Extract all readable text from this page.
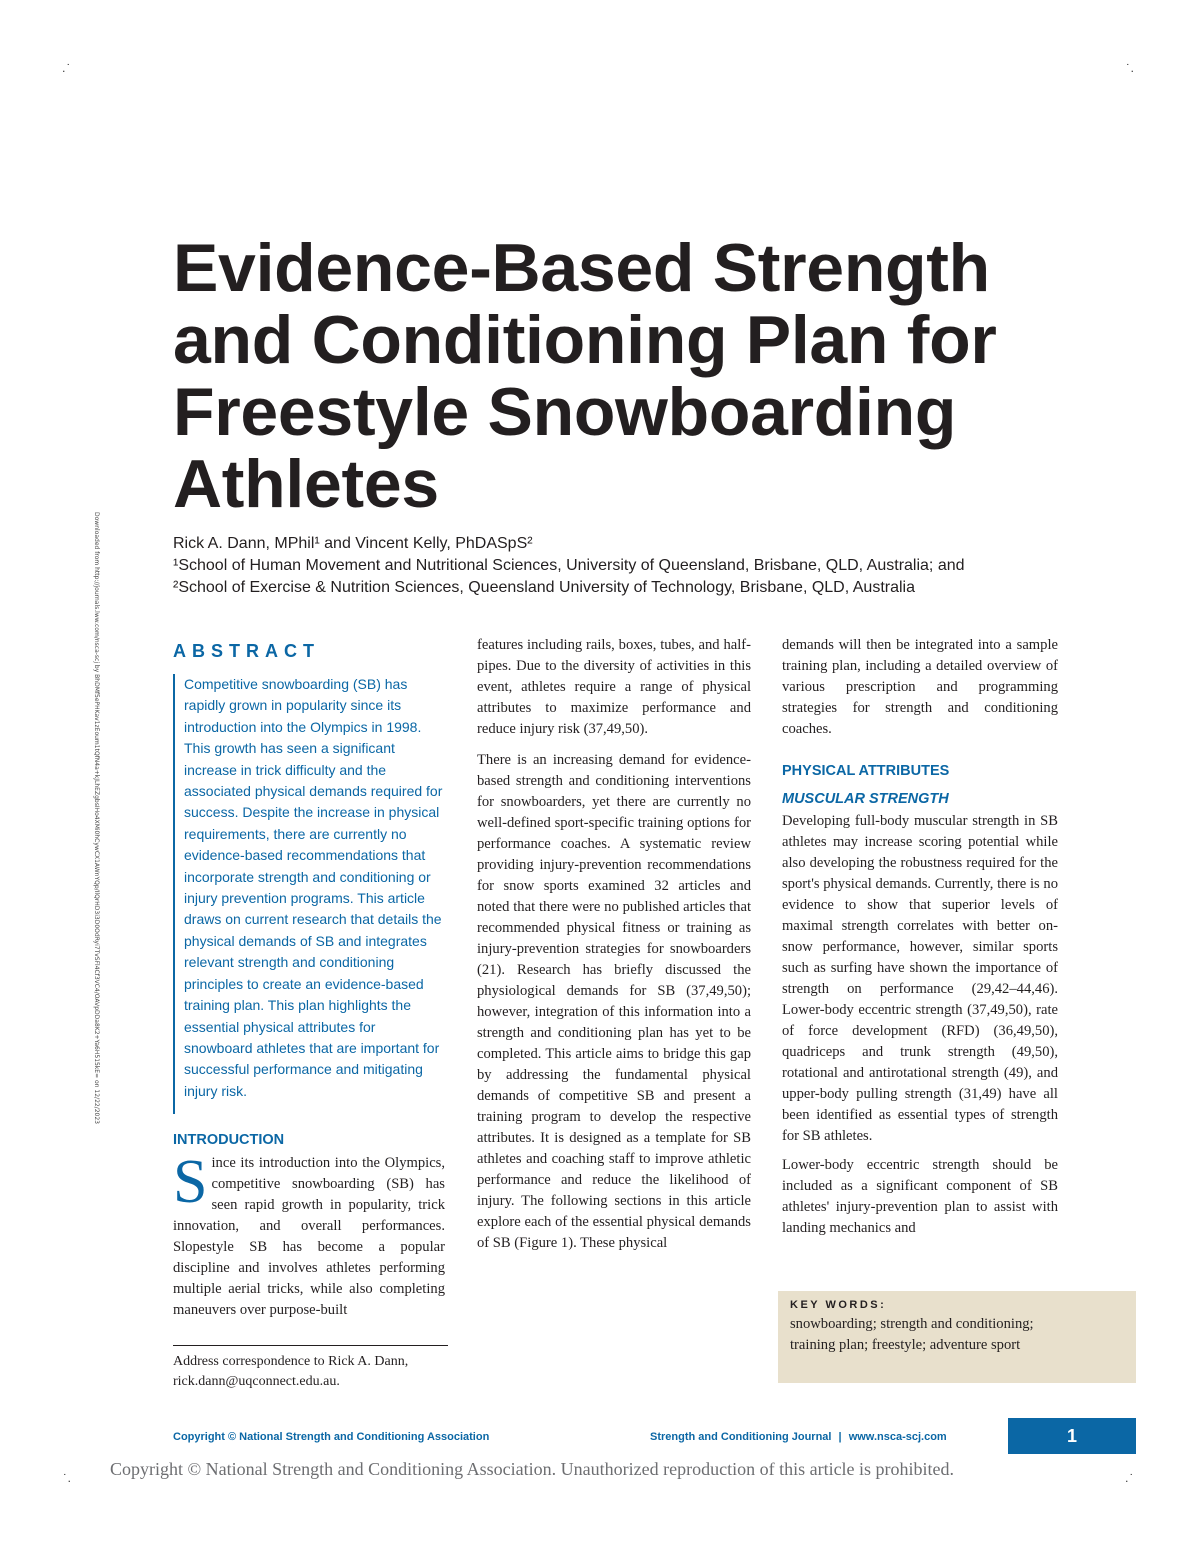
.˙	˙.
˙.	.˙
Downloaded from http://journals.lww.com/nsca-scj by BhDMf5ePHKav1zEoum1tQfN4a+kJLhEZgbsIHo4XMi0hCywCX1AWnYQp/IlQrHD3i3D0OdRyi7TvSFl4Cf3VC4/OAVpDDa8K2+Ya6H515kE= on 12/22/2023
Evidence-Based Strength
and Conditioning Plan for
Freestyle Snowboarding
Athletes
Rick A. Dann, MPhil¹ and Vincent Kelly, PhDASpS²
¹School of Human Movement and Nutritional Sciences, University of Queensland, Brisbane, QLD, Australia; and
²School of Exercise & Nutrition Sciences, Queensland University of Technology, Brisbane, QLD, Australia
ABSTRACT

Competitive snowboarding (SB) has rapidly grown in popularity since its introduction into the Olympics in 1998. This growth has seen a significant increase in trick difficulty and the associated physical demands required for success. Despite the increase in physical requirements, there are currently no evidence-based recommendations that incorporate strength and conditioning or injury prevention programs. This article draws on current research that details the physical demands of SB and integrates relevant strength and conditioning principles to create an evidence-based training plan. This plan highlights the essential physical attributes for snowboard athletes that are important for successful performance and mitigating injury risk.

INTRODUCTION

Since its introduction into the Olympics, competitive snowboarding (SB) has seen rapid growth in popularity, trick innovation, and overall performances. Slopestyle SB has become a popular discipline and involves athletes performing multiple aerial tricks, while also completing maneuvers over purpose-built

Address correspondence to Rick A. Dann, rick.dann@uqconnect.edu.au.

features including rails, boxes, tubes, and half-pipes. Due to the diversity of activities in this event, athletes require a range of physical attributes to maximize performance and reduce injury risk (37,49,50).

There is an increasing demand for evidence-based strength and conditioning interventions for snowboarders, yet there are currently no well-defined sport-specific training options for performance coaches. A systematic review providing injury-prevention recommendations for snow sports examined 32 articles and noted that there were no published articles that recommended physical fitness or training as injury-prevention strategies for snowboarders (21). Research has briefly discussed the physiological demands for SB (37,49,50); however, integration of this information into a strength and conditioning plan has yet to be completed. This article aims to bridge this gap by addressing the fundamental physical demands of competitive SB and present a training program to develop the respective attributes. It is designed as a template for SB athletes and coaching staff to improve athletic performance and reduce the likelihood of injury. The following sections in this article explore each of the essential physical demands of SB (Figure 1). These physical

demands will then be integrated into a sample training plan, including a detailed overview of various prescription and programming strategies for strength and conditioning coaches.

PHYSICAL ATTRIBUTES
MUSCULAR STRENGTH

Developing full-body muscular strength in SB athletes may increase scoring potential while also developing the robustness required for the sport's physical demands. Currently, there is no evidence to show that superior levels of maximal strength correlates with better on-snow performance, however, similar sports such as surfing have shown the importance of strength on performance (29,42–44,46). Lower-body eccentric strength (37,49,50), rate of force development (RFD) (36,49,50), quadriceps and trunk strength (49,50), rotational and antirotational strength (49), and upper-body pulling strength (31,49) have all been identified as essential types of strength for SB athletes.

Lower-body eccentric strength should be included as a significant component of SB athletes' injury-prevention plan to assist with landing mechanics and

KEY WORDS:

snowboarding; strength and conditioning; training plan; freestyle; adventure sport

Copyright © National Strength and Conditioning Association	Strength and Conditioning Journal | www.nsca-scj.com	1
Copyright © National Strength and Conditioning Association. Unauthorized reproduction of this article is prohibited.
